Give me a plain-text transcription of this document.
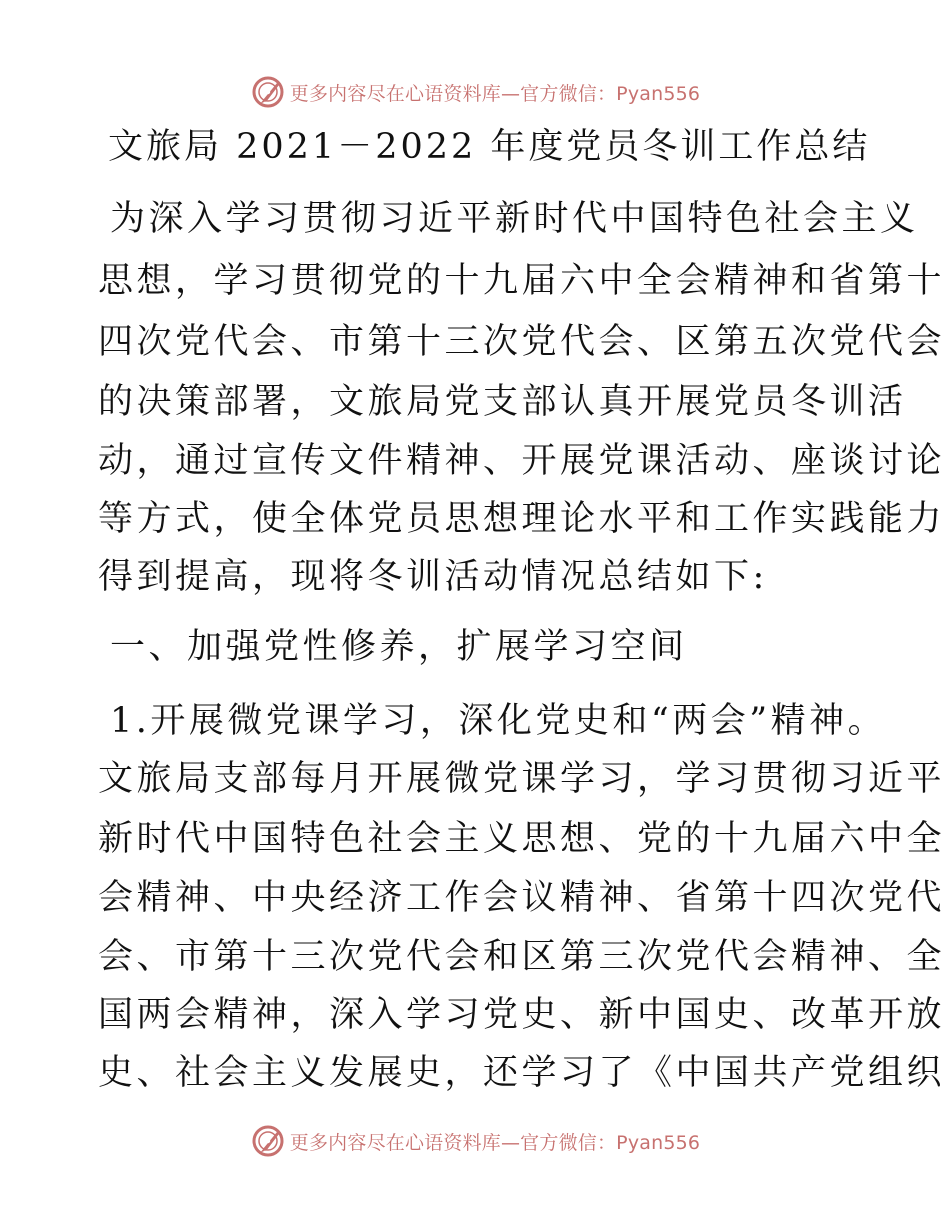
更多内容尽在心语资料库—官方微信：Pyan556
文旅局 2021－2022 年度党员冬训工作总结
为深入学习贯彻习近平新时代中国特色社会主义
思想，学习贯彻党的十九届六中全会精神和省第十
四次党代会、市第十三次党代会、区第五次党代会
的决策部署，文旅局党支部认真开展党员冬训活
动，通过宣传文件精神、开展党课活动、座谈讨论
等方式，使全体党员思想理论水平和工作实践能力
得到提高，现将冬训活动情况总结如下:
一、加强党性修养，扩展学习空间
1.开展微党课学习，深化党史和“两会”精神。
文旅局支部每月开展微党课学习，学习贯彻习近平
新时代中国特色社会主义思想、党的十九届六中全
会精神、中央经济工作会议精神、省第十四次党代
会、市第十三次党代会和区第三次党代会精神、全
国两会精神，深入学习党史、新中国史、改革开放
史、社会主义发展史，还学习了《中国共产党组织
更多内容尽在心语资料库—官方微信：Pyan556
